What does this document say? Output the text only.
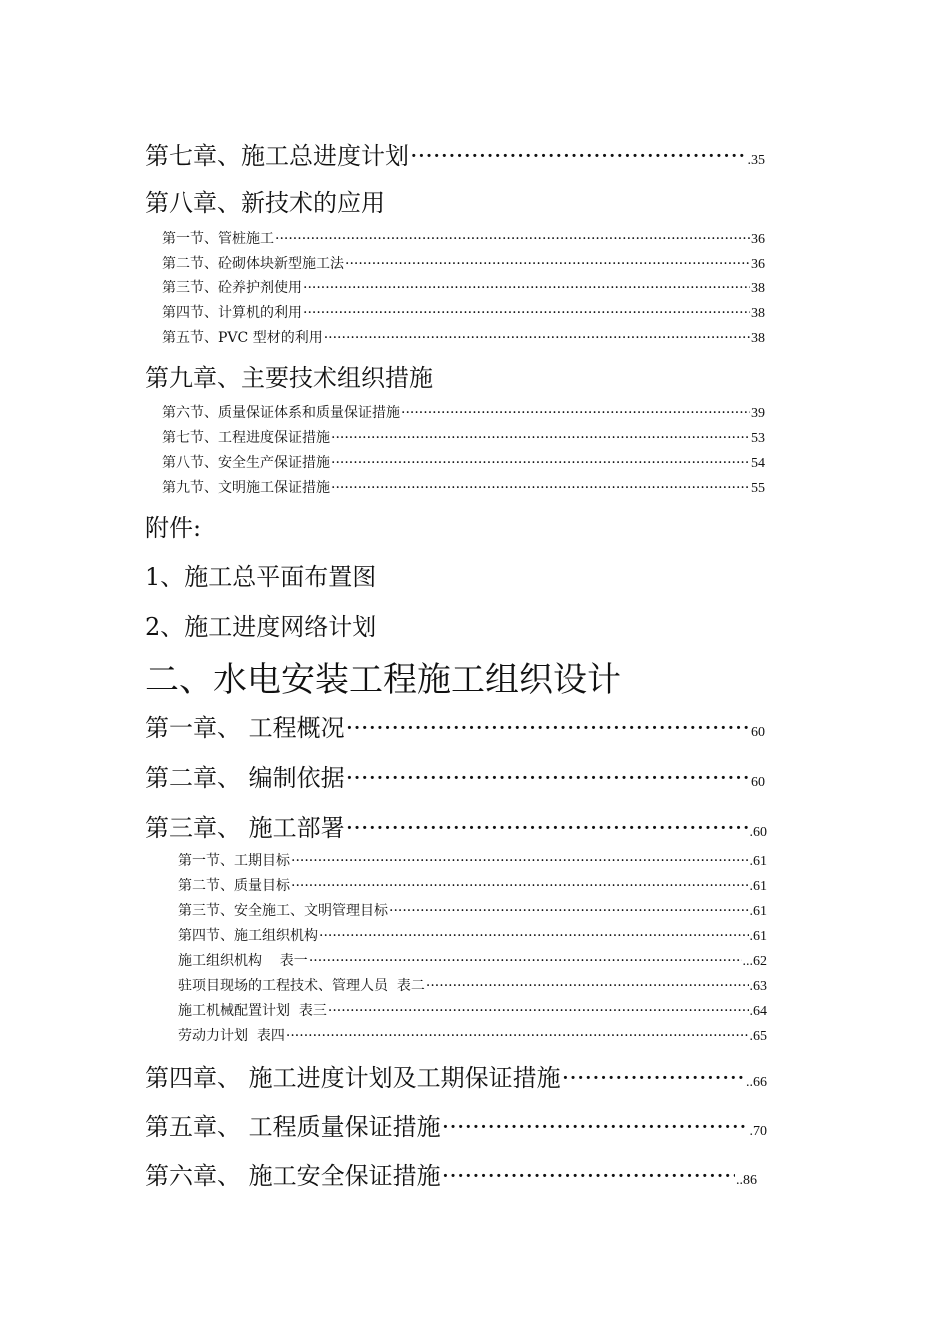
第七章、施工总进度计划 ·····	.35
第八章、新技术的应用
第一节、管桩施工 ·····	36
第二节、砼砌体块新型施工法 ·····	36
第三节、砼养护剂使用 ·····	38
第四节、计算机的利用 ·····	38
第五节、PVC 型材的利用 ·····	38
第九章、主要技术组织措施
第六节、质量保证体系和质量保证措施 ·····	39
第七节、工程进度保证措施 ·····	53
第八节、安全生产保证措施 ·····	54
第九节、文明施工保证措施 ·····	55
附件:
1、施工总平面布置图
2、施工进度网络计划
二、水电安装工程施工组织设计
第一章、 工程概况 ·····	60
第二章、 编制依据 ·····	60
第三章、 施工部署 ·····	.60
第一节、工期目标 ·····	.61
第二节、质量目标 ·····	.61
第三节、安全施工、文明管理目标 ·····	.61
第四节、施工组织机构 ·····	.61
施工组织机构    表一 ·····	...62
驻项目现场的工程技术、管理人员  表二 ·····	.63
施工机械配置计划  表三 ·····	.64
劳动力计划  表四 ·····	.65
第四章、 施工进度计划及工期保证措施 ·····	..66
第五章、 工程质量保证措施 ·····	.70
第六章、 施工安全保证措施 ·····	..86
